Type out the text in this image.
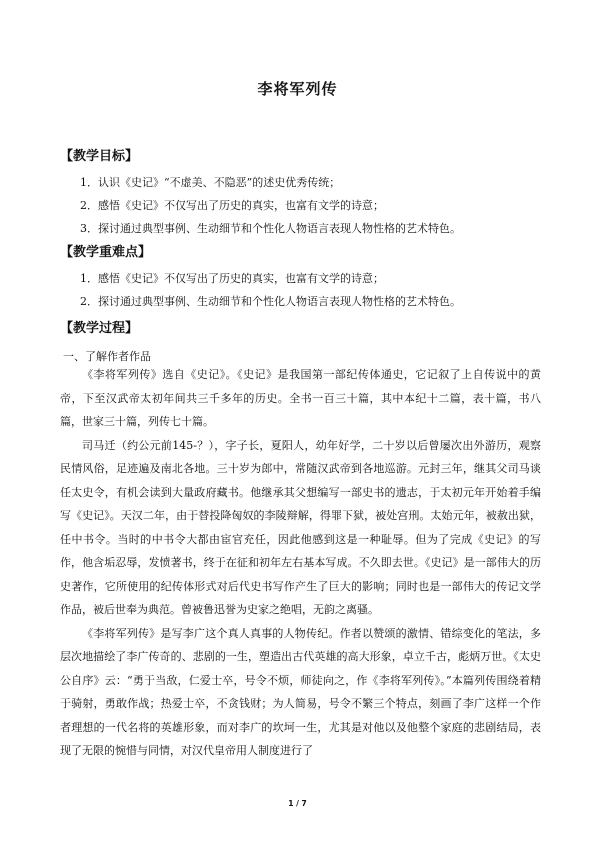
李将军列传
【教学目标】
1．认识《史记》“不虚美、不隐恶”的述史优秀传统；
2．感悟《史记》不仅写出了历史的真实，也富有文学的诗意；
3．探讨通过典型事例、生动细节和个性化人物语言表现人物性格的艺术特色。
【教学重难点】
1．感悟《史记》不仅写出了历史的真实，也富有文学的诗意；
2．探讨通过典型事例、生动细节和个性化人物语言表现人物性格的艺术特色。
【教学过程】
一、了解作者作品

《李将军列传》选自《史记》。《史记》是我国第一部纪传体通史，它记叙了上自传说中的黄帝，下至汉武帝太初年间共三千多年的历史。全书一百三十篇，其中本纪十二篇，表十篇，书八篇，世家三十篇，列传七十篇。

司马迁（约公元前145-？），字子长，夏阳人，幼年好学，二十岁以后曾屡次出外游历，观察民情风俗，足迹遍及南北各地。三十岁为郎中，常随汉武帝到各地巡游。元封三年，继其父司马谈任太史令，有机会读到大量政府藏书。他继承其父想编写一部史书的遗志，于太初元年开始着手编写《史记》。天汉二年，由于替投降匈奴的李陵辩解，得罪下狱，被处宫刑。太始元年，被赦出狱，任中书令。当时的中书令大都由宦官充任，因此他感到这是一种耻辱。但为了完成《史记》的写作，他含垢忍辱，发愤著书，终于在征和初年左右基本写成。不久即去世。《史记》是一部伟大的历史著作，它所使用的纪传体形式对后代史书写作产生了巨大的影响；同时也是一部伟大的传记文学作品，被后世奉为典范。曾被鲁迅誉为史家之绝唱，无韵之离骚。

《李将军列传》是写李广这个真人真事的人物传纪。作者以赞颂的激情、错综变化的笔法，多层次地描绘了李广传奇的、悲剧的一生，塑造出古代英雄的高大形象，卓立千古，彪炳万世。《太史公自序》云：“勇于当敌，仁爱士卒，号令不烦，师徒向之，作《李将军列传》。”本篇列传围绕着精于骑射，勇敢作战；热爱士卒，不贪钱财；为人简易，号令不繁三个特点，刻画了李广这样一个作者理想的一代名将的英雄形象，而对李广的坎坷一生，尤其是对他以及他整个家庭的悲剧结局，表现了无限的惋惜与同情，对汉代皇帝用人制度进行了

1 / 7
